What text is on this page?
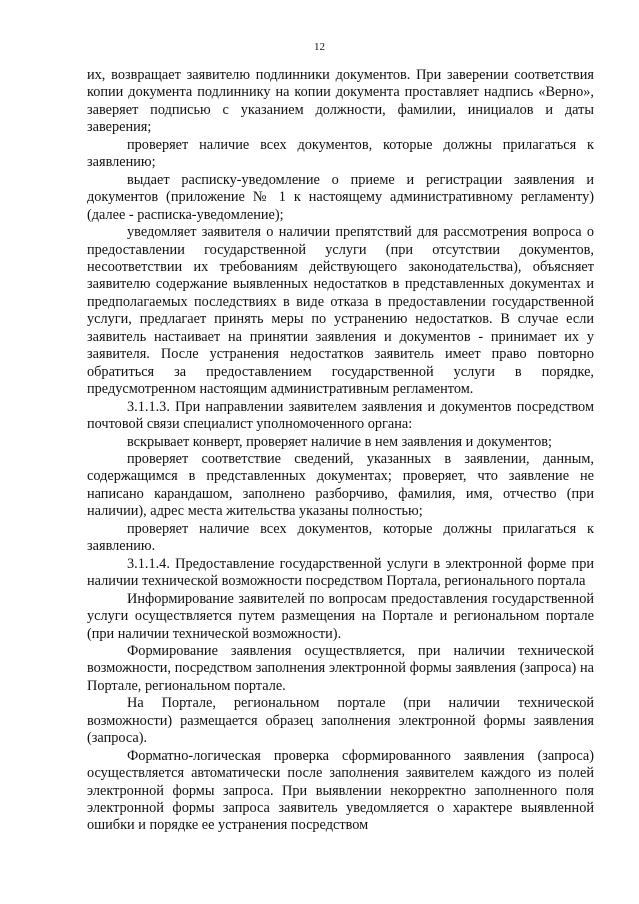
12

их, возвращает заявителю подлинники документов. При заверении соответствия копии документа подлиннику на копии документа проставляет надпись «Верно», заверяет подписью с указанием должности, фамилии, инициалов и даты заверения;

проверяет наличие всех документов, которые должны прилагаться к заявлению;

выдает расписку-уведомление о приеме и регистрации заявления и документов (приложение № 1 к настоящему административному регламенту) (далее - расписка-уведомление);

уведомляет заявителя о наличии препятствий для рассмотрения вопроса о предоставлении государственной услуги (при отсутствии документов, несоответствии их требованиям действующего законодательства), объясняет заявителю содержание выявленных недостатков в представленных документах и предполагаемых последствиях в виде отказа в предоставлении государственной услуги, предлагает принять меры по устранению недостатков. В случае если заявитель настаивает на принятии заявления и документов - принимает их у заявителя. После устранения недостатков заявитель имеет право повторно обратиться за предоставлением государственной услуги в порядке, предусмотренном настоящим административным регламентом.

3.1.1.3. При направлении заявителем заявления и документов посредством почтовой связи специалист уполномоченного органа:

вскрывает конверт, проверяет наличие в нем заявления и документов;

проверяет соответствие сведений, указанных в заявлении, данным, содержащимся в представленных документах; проверяет, что заявление не написано карандашом, заполнено разборчиво, фамилия, имя, отчество (при наличии), адрес места жительства указаны полностью;

проверяет наличие всех документов, которые должны прилагаться к заявлению.

3.1.1.4. Предоставление государственной услуги в электронной форме при наличии технической возможности посредством Портала, регионального портала

Информирование заявителей по вопросам предоставления государственной услуги осуществляется путем размещения на Портале и региональном портале (при наличии технической возможности).

Формирование заявления осуществляется, при наличии технической возможности, посредством заполнения электронной формы заявления (запроса) на Портале, региональном портале.

На Портале, региональном портале (при наличии технической возможности) размещается образец заполнения электронной формы заявления (запроса).

Форматно-логическая проверка сформированного заявления (запроса) осуществляется автоматически после заполнения заявителем каждого из полей электронной формы запроса. При выявлении некорректно заполненного поля электронной формы запроса заявитель уведомляется о характере выявленной ошибки и порядке ее устранения посредством
